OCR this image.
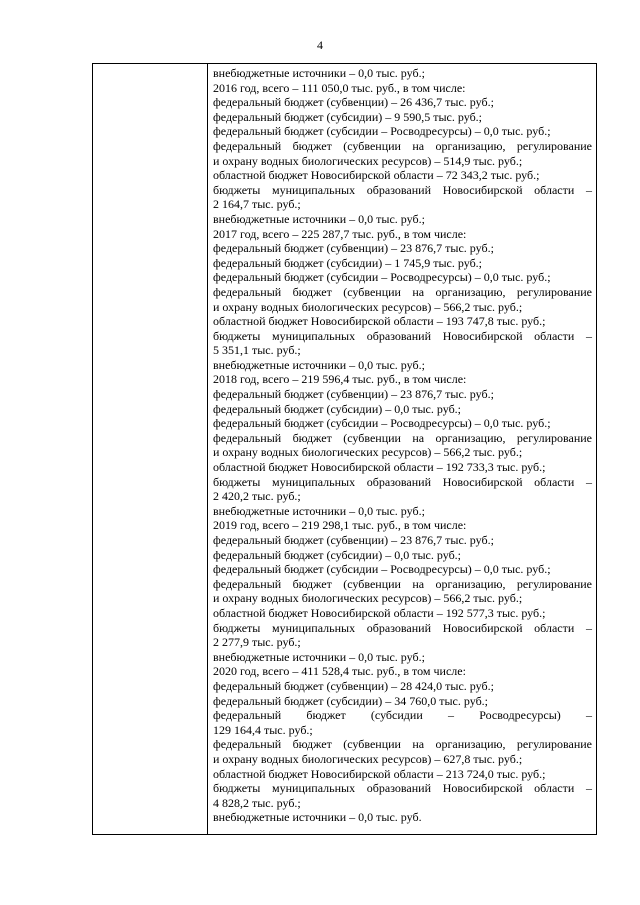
4
внебюджетные источники – 0,0 тыс. руб.;
2016 год, всего – 111 050,0 тыс. руб., в том числе:
федеральный бюджет (субвенции) – 26 436,7 тыс. руб.;
федеральный бюджет (субсидии) – 9 590,5 тыс. руб.;
федеральный бюджет (субсидии – Росводресурсы) – 0,0 тыс. руб.;
федеральный бюджет (субвенции на организацию, регулирование
и охрану водных биологических ресурсов) – 514,9 тыс. руб.;
областной бюджет Новосибирской области – 72 343,2 тыс. руб.;
бюджеты муниципальных образований Новосибирской области –
2 164,7 тыс. руб.;
внебюджетные источники – 0,0 тыс. руб.;
2017 год, всего – 225 287,7 тыс. руб., в том числе:
федеральный бюджет (субвенции) – 23 876,7 тыс. руб.;
федеральный бюджет (субсидии) – 1 745,9 тыс. руб.;
федеральный бюджет (субсидии – Росводресурсы) – 0,0 тыс. руб.;
федеральный бюджет (субвенции на организацию, регулирование
и охрану водных биологических ресурсов) – 566,2 тыс. руб.;
областной бюджет Новосибирской области – 193 747,8 тыс. руб.;
бюджеты муниципальных образований Новосибирской области –
5 351,1 тыс. руб.;
внебюджетные источники – 0,0 тыс. руб.;
2018 год, всего – 219 596,4 тыс. руб., в том числе:
федеральный бюджет (субвенции) – 23 876,7 тыс. руб.;
федеральный бюджет (субсидии) – 0,0 тыс. руб.;
федеральный бюджет (субсидии – Росводресурсы) – 0,0 тыс. руб.;
федеральный бюджет (субвенции на организацию, регулирование
и охрану водных биологических ресурсов) – 566,2 тыс. руб.;
областной бюджет Новосибирской области – 192 733,3 тыс. руб.;
бюджеты муниципальных образований Новосибирской области –
2 420,2 тыс. руб.;
внебюджетные источники – 0,0 тыс. руб.;
2019 год, всего – 219 298,1 тыс. руб., в том числе:
федеральный бюджет (субвенции) – 23 876,7 тыс. руб.;
федеральный бюджет (субсидии) – 0,0 тыс. руб.;
федеральный бюджет (субсидии – Росводресурсы) – 0,0 тыс. руб.;
федеральный бюджет (субвенции на организацию, регулирование
и охрану водных биологических ресурсов) – 566,2 тыс. руб.;
областной бюджет Новосибирской области – 192 577,3 тыс. руб.;
бюджеты муниципальных образований Новосибирской области –
2 277,9 тыс. руб.;
внебюджетные источники – 0,0 тыс. руб.;
2020 год, всего – 411 528,4 тыс. руб., в том числе:
федеральный бюджет (субвенции) – 28 424,0 тыс. руб.;
федеральный бюджет (субсидии) – 34 760,0 тыс. руб.;
федеральный бюджет (субсидии – Росводресурсы) –
129 164,4 тыс. руб.;
федеральный бюджет (субвенции на организацию, регулирование
и охрану водных биологических ресурсов) – 627,8 тыс. руб.;
областной бюджет Новосибирской области – 213 724,0 тыс. руб.;
бюджеты муниципальных образований Новосибирской области –
4 828,2 тыс. руб.;
внебюджетные источники – 0,0 тыс. руб.
